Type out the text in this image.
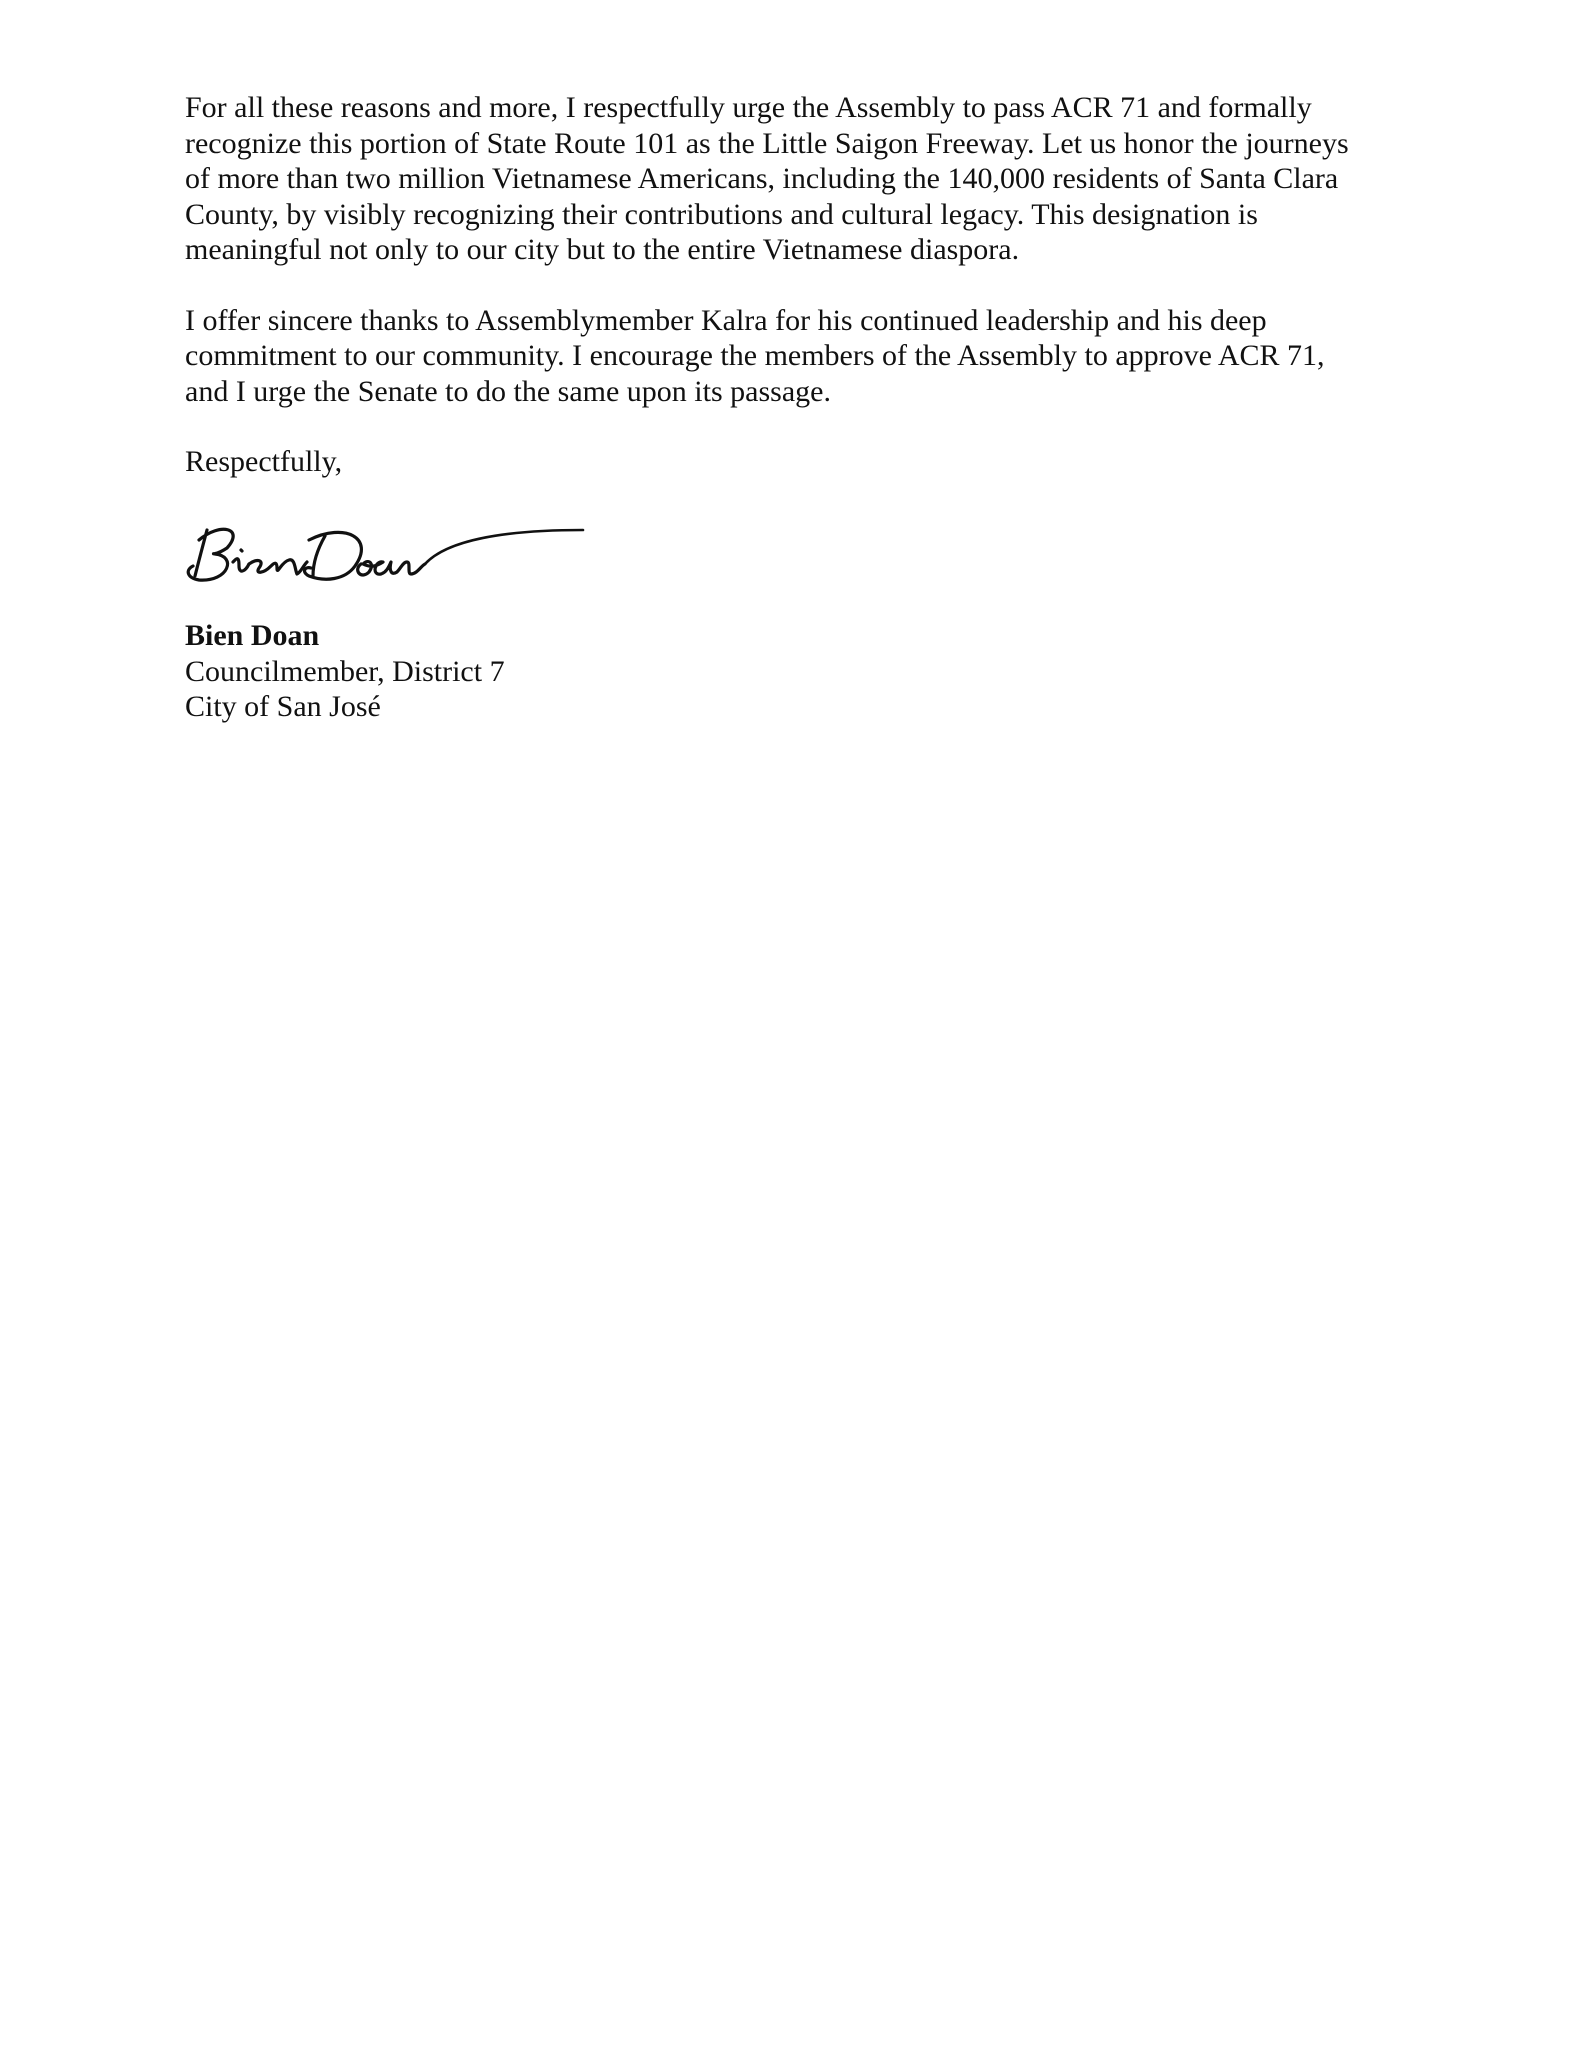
For all these reasons and more, I respectfully urge the Assembly to pass ACR 71 and formally
recognize this portion of State Route 101 as the Little Saigon Freeway. Let us honor the journeys
of more than two million Vietnamese Americans, including the 140,000 residents of Santa Clara
County, by visibly recognizing their contributions and cultural legacy. This designation is
meaningful not only to our city but to the entire Vietnamese diaspora.

I offer sincere thanks to Assemblymember Kalra for his continued leadership and his deep
commitment to our community. I encourage the members of the Assembly to approve ACR 71,
and I urge the Senate to do the same upon its passage.

Respectfully,

Bien Doan
Councilmember, District 7
City of San José
